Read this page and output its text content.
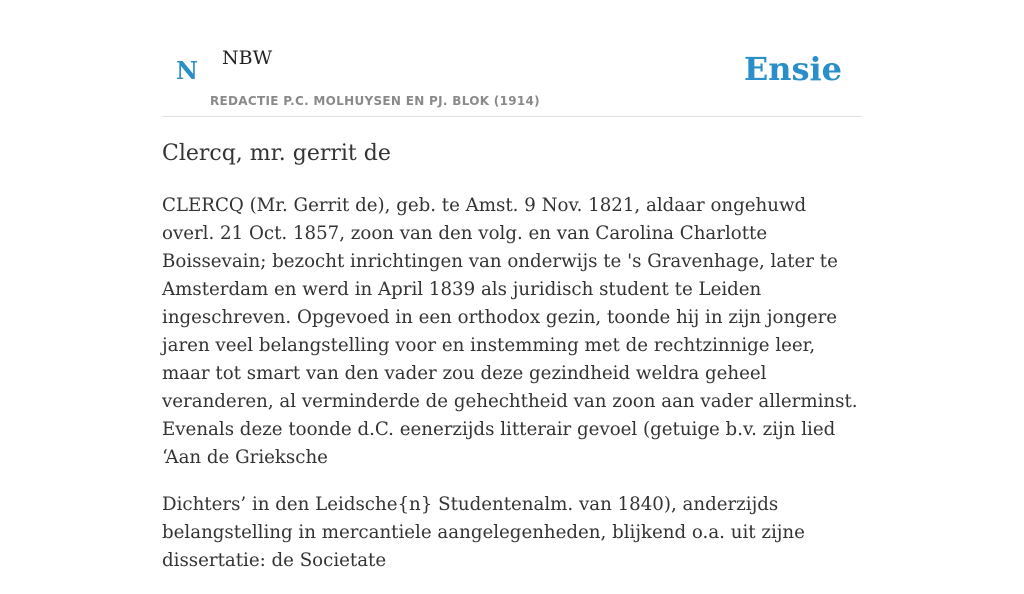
N NBW
REDACTIE P.C. MOLHUYSEN EN PJ. BLOK (1914)
Ensie
Clercq, mr. gerrit de

CLERCQ (Mr. Gerrit de), geb. te Amst. 9 Nov. 1821, aldaar ongehuwd overl. 21 Oct. 1857, zoon van den volg. en van Carolina Charlotte Boissevain; bezocht inrichtingen van onderwijs te 's Gravenhage, later te Amsterdam en werd in April 1839 als juridisch student te Leiden ingeschreven. Opgevoed in een orthodox gezin, toonde hij in zijn jongere jaren veel belangstelling voor en instemming met de rechtzinnige leer, maar tot smart van den vader zou deze gezindheid weldra geheel veranderen, al verminderde de gehechtheid van zoon aan vader allerminst. Evenals deze toonde d.C. eenerzijds litterair gevoel (getuige b.v. zijn lied ‘Aan de Grieksche

Dichters’ in den Leidsche{n} Studentenalm. van 1840), anderzijds belangstelling in mercantiele aangelegenheden, blijkend o.a. uit zijne dissertatie: de Societate
